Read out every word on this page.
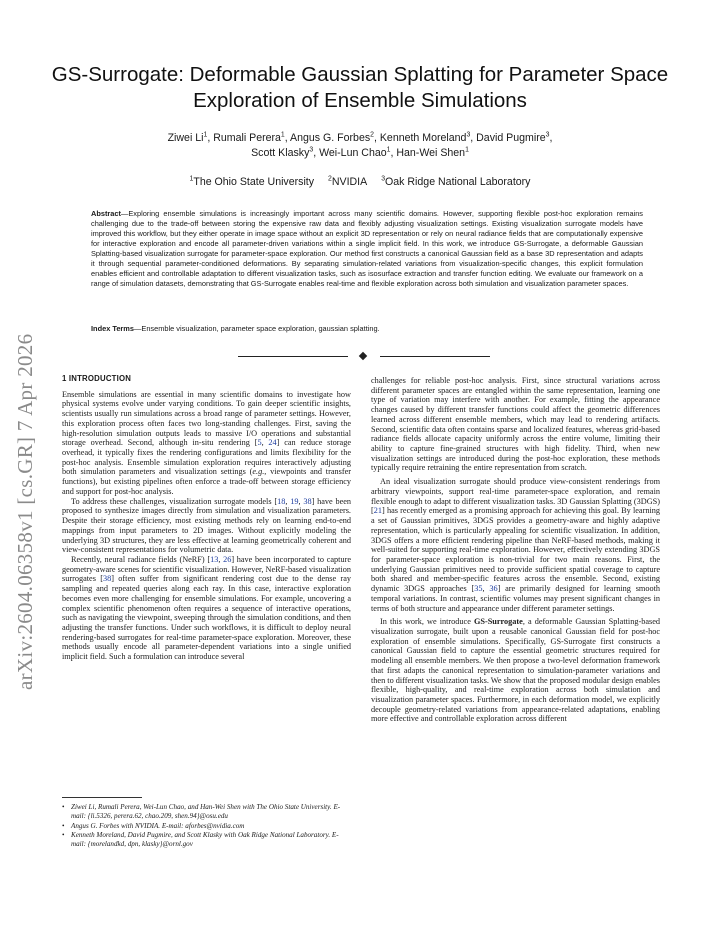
arXiv:2604.06358v1 [cs.GR] 7 Apr 2026
GS-Surrogate: Deformable Gaussian Splatting for Parameter Space Exploration of Ensemble Simulations
Ziwei Li$^1$, Rumali Perera$^1$, Angus G. Forbes$^2$, Kenneth Moreland$^3$, David Pugmire$^3$,
Scott Klasky$^3$, Wei-Lun Chao$^1$, Han-Wei Shen$^1$
$^1$The Ohio State University $^2$NVIDIA $^3$Oak Ridge National Laboratory
Abstract—Exploring ensemble simulations is increasingly important across many scientific domains. However, supporting flexible post-hoc exploration remains challenging due to the trade-off between storing the expensive raw data and flexibly adjusting visualization settings. Existing visualization surrogate models have improved this workflow, but they either operate in image space without an explicit 3D representation or rely on neural radiance fields that are computationally expensive for interactive exploration and encode all parameter-driven variations within a single implicit field. In this work, we introduce GS-Surrogate, a deformable Gaussian Splatting-based visualization surrogate for parameter-space exploration. Our method first constructs a canonical Gaussian field as a base 3D representation and adapts it through sequential parameter-conditioned deformations. By separating simulation-related variations from visualization-specific changes, this explicit formulation enables efficient and controllable adaptation to different visualization tasks, such as isosurface extraction and transfer function editing. We evaluate our framework on a range of simulation datasets, demonstrating that GS-Surrogate enables real-time and flexible exploration across both simulation and visualization parameter spaces.
Index Terms—Ensemble visualization, parameter space exploration, gaussian splatting.
1 INTRODUCTION

Ensemble simulations are essential in many scientific domains to investigate how physical systems evolve under varying conditions. To gain deeper scientific insights, scientists usually run simulations across a broad range of parameter settings. However, this exploration process often faces two long-standing challenges. First, saving the high-resolution simulation outputs leads to massive I/O operations and substantial storage overhead. Second, although in-situ rendering [5, 24] can reduce storage overhead, it typically fixes the rendering configurations and limits flexibility for the post-hoc analysis. Ensemble simulation exploration requires interactively adjusting both simulation parameters and visualization settings (e.g., viewpoints and transfer functions), but existing pipelines often enforce a trade-off between storage efficiency and support for post-hoc analysis.

To address these challenges, visualization surrogate models [18, 19, 38] have been proposed to synthesize images directly from simulation and visualization parameters. Despite their storage efficiency, most existing methods rely on learning end-to-end mappings from input parameters to 2D images. Without explicitly modeling the underlying 3D structures, they are less effective at learning geometrically coherent and view-consistent representations for volumetric data.

Recently, neural radiance fields (NeRF) [13, 26] have been incorporated to capture geometry-aware scenes for scientific visualization. However, NeRF-based visualization surrogates [38] often suffer from significant rendering cost due to the dense ray sampling and repeated queries along each ray. In this case, interactive exploration becomes even more challenging for ensemble simulations. For example, uncovering a complex scientific phenomenon often requires a sequence of interactive operations, such as navigating the viewpoint, sweeping through the simulation conditions, and then adjusting the transfer functions. Under such workflows, it is difficult to deploy neural rendering-based surrogates for real-time parameter-space exploration. Moreover, these methods usually encode all parameter-dependent variations into a single unified implicit field. Such a formulation can introduce several

challenges for reliable post-hoc analysis. First, since structural variations across different parameter spaces are entangled within the same representation, learning one type of variation may interfere with another. For example, fitting the appearance changes caused by different transfer functions could affect the geometric differences learned across different ensemble members, which may lead to rendering artifacts. Second, scientific data often contains sparse and localized features, whereas grid-based radiance fields allocate capacity uniformly across the entire volume, limiting their ability to capture fine-grained structures with high fidelity. Third, when new visualization settings are introduced during the post-hoc exploration, these methods typically require retraining the entire representation from scratch.

An ideal visualization surrogate should produce view-consistent renderings from arbitrary viewpoints, support real-time parameter-space exploration, and remain flexible enough to adapt to different visualization tasks. 3D Gaussian Splatting (3DGS) [21] has recently emerged as a promising approach for achieving this goal. By learning a set of Gaussian primitives, 3DGS provides a geometry-aware and highly adaptive representation, which is particularly appealing for scientific visualization. In addition, 3DGS offers a more efficient rendering pipeline than NeRF-based methods, making it well-suited for supporting real-time exploration. However, effectively extending 3DGS for parameter-space exploration is non-trivial for two main reasons. First, the underlying Gaussian primitives need to provide sufficient spatial coverage to capture both shared and member-specific features across the ensemble. Second, existing dynamic 3DGS approaches [35, 36] are primarily designed for learning smooth temporal variations. In contrast, scientific volumes may present significant changes in terms of both structure and appearance under different parameter settings.

In this work, we introduce GS-Surrogate, a deformable Gaussian Splatting-based visualization surrogate, built upon a reusable canonical Gaussian field for post-hoc exploration of ensemble simulations. Specifically, GS-Surrogate first constructs a canonical Gaussian field to capture the essential geometric structures required for modeling all ensemble members. We then propose a two-level deformation framework that first adapts the canonical representation to simulation-parameter variations and then to different visualization tasks. We show that the proposed modular design enables flexible, high-quality, and real-time exploration across both simulation and visualization parameter spaces. Furthermore, in each deformation model, we explicitly decouple geometry-related variations from appearance-related adaptations, enabling more effective and controllable exploration across different

• Ziwei Li, Rumali Perera, Wei-Lun Chao, and Han-Wei Shen with The Ohio State University. E-mail: {li.5326, perera.62, chao.209, shen.94}@osu.edu
• Angus G. Forbes with NVIDIA. E-mail: aforbes@nvidia.com
• Kenneth Moreland, David Pugmire, and Scott Klasky with Oak Ridge National Laboratory. E-mail: {morelandkd, dpn, klasky}@ornl.gov
